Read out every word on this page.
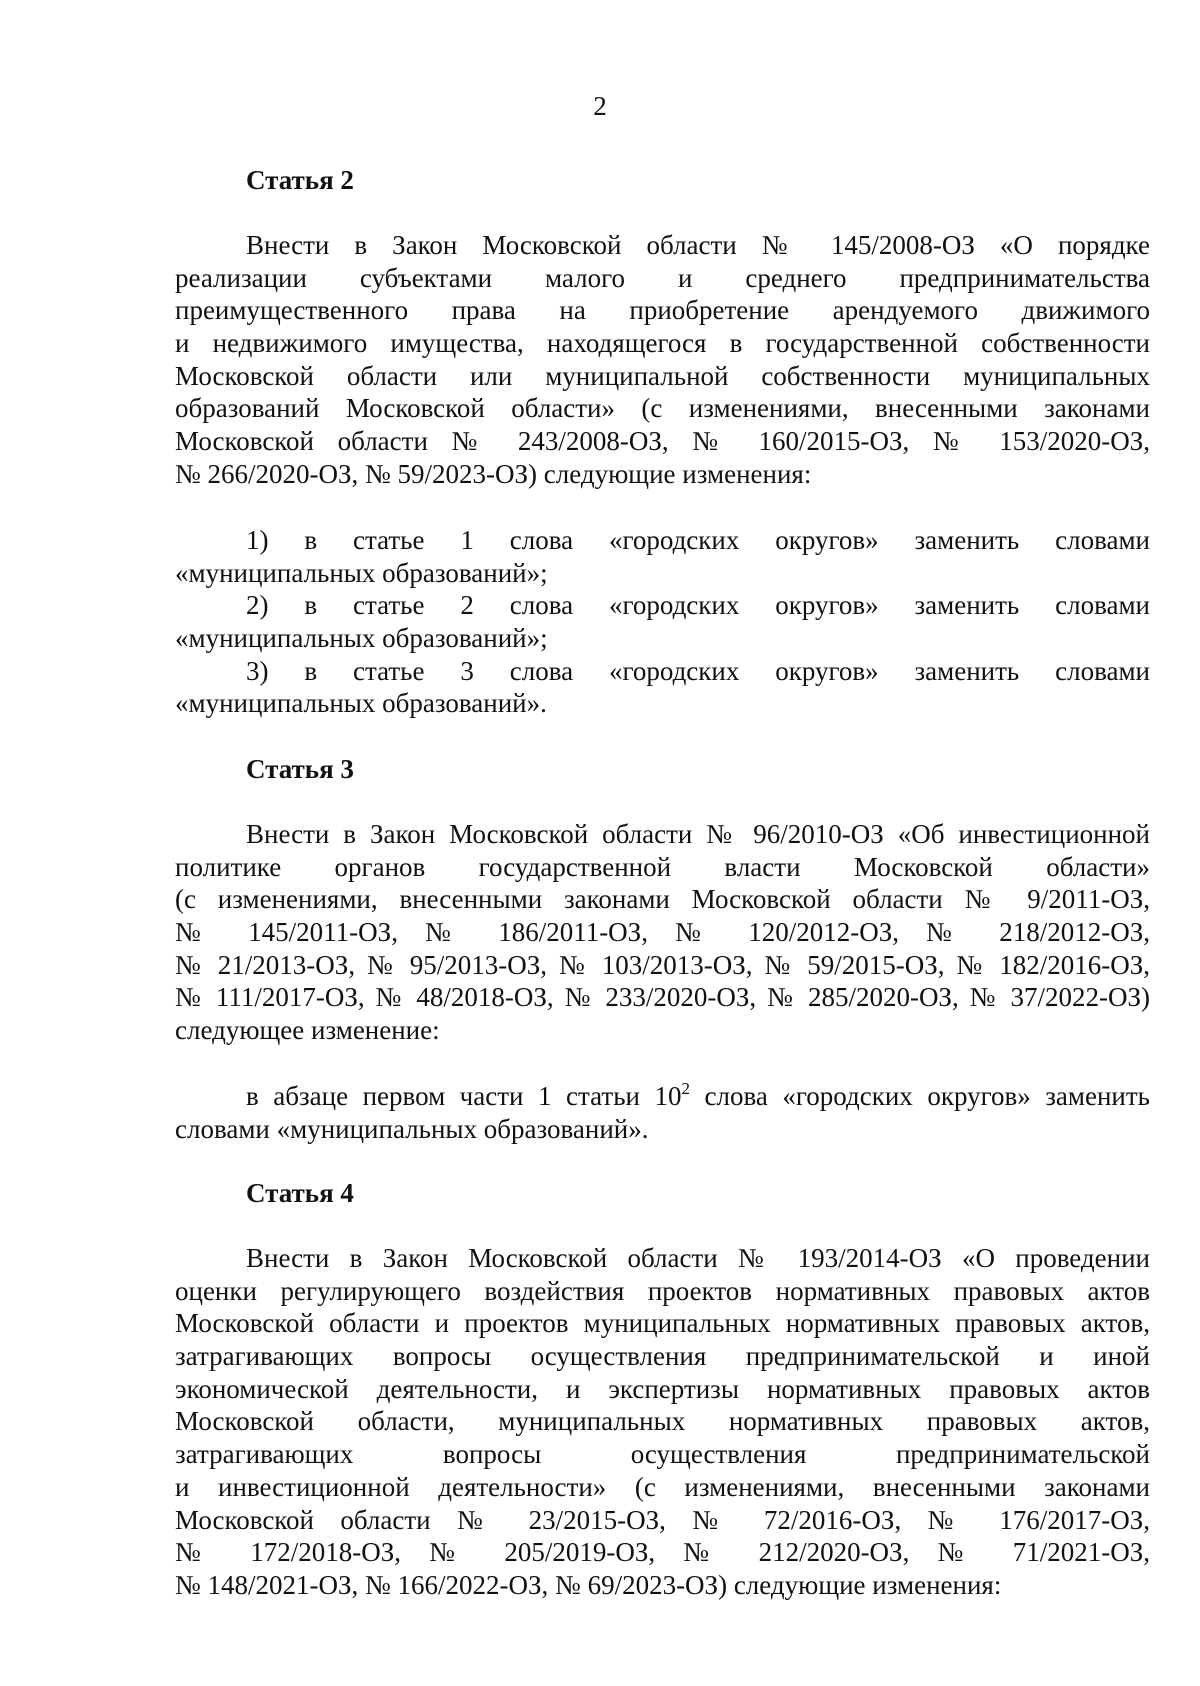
2
Статья 2
Внести в Закон Московской области № 145/2008-ОЗ «О порядке
реализации субъектами малого и среднего предпринимательства
преимущественного права на приобретение арендуемого движимого
и недвижимого имущества, находящегося в государственной собственности
Московской области или муниципальной собственности муниципальных
образований Московской области» (с изменениями, внесенными законами
Московской области № 243/2008-ОЗ, № 160/2015-ОЗ, № 153/2020-ОЗ,
№ 266/2020-ОЗ, № 59/2023-ОЗ) следующие изменения:
1) в статье 1 слова «городских округов» заменить словами
«муниципальных образований»;
2) в статье 2 слова «городских округов» заменить словами
«муниципальных образований»;
3) в статье 3 слова «городских округов» заменить словами
«муниципальных образований».
Статья 3
Внести в Закон Московской области № 96/2010-ОЗ «Об инвестиционной
политике органов государственной власти Московской области»
(с изменениями, внесенными законами Московской области № 9/2011-ОЗ,
№ 145/2011-ОЗ, № 186/2011-ОЗ, № 120/2012-ОЗ, № 218/2012-ОЗ,
№ 21/2013-ОЗ, № 95/2013-ОЗ, № 103/2013-ОЗ, № 59/2015-ОЗ, № 182/2016-ОЗ,
№ 111/2017-ОЗ, № 48/2018-ОЗ, № 233/2020-ОЗ, № 285/2020-ОЗ, № 37/2022-ОЗ)
следующее изменение:
в абзаце первом части 1 статьи $10^2$ слова «городских округов» заменить
словами «муниципальных образований».
Статья 4
Внести в Закон Московской области № 193/2014-ОЗ «О проведении
оценки регулирующего воздействия проектов нормативных правовых актов
Московской области и проектов муниципальных нормативных правовых актов,
затрагивающих вопросы осуществления предпринимательской и иной
экономической деятельности, и экспертизы нормативных правовых актов
Московской области, муниципальных нормативных правовых актов,
затрагивающих вопросы осуществления предпринимательской
и инвестиционной деятельности» (с изменениями, внесенными законами
Московской области № 23/2015-ОЗ, № 72/2016-ОЗ, № 176/2017-ОЗ,
№ 172/2018-ОЗ, № 205/2019-ОЗ, № 212/2020-ОЗ, № 71/2021-ОЗ,
№ 148/2021-ОЗ, № 166/2022-ОЗ, № 69/2023-ОЗ) следующие изменения:
